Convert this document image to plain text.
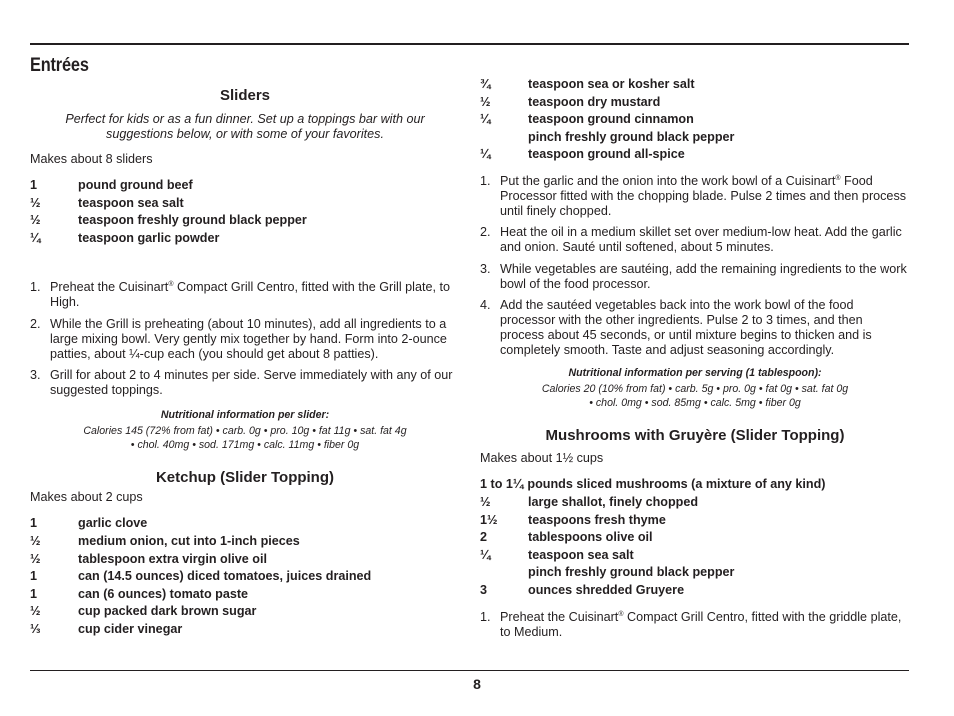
Entrées
Sliders
Perfect for kids or as a fun dinner. Set up a toppings bar with our suggestions below, or with some of your favorites.
Makes about 8 sliders
1	pound ground beef
½	teaspoon sea salt
½	teaspoon freshly ground black pepper
¼	teaspoon garlic powder
1. Preheat the Cuisinart® Compact Grill Centro, fitted with the Grill plate, to High.
2. While the Grill is preheating (about 10 minutes), add all ingredients to a large mixing bowl. Very gently mix together by hand. Form into 2-ounce patties, about ¼-cup each (you should get about 8 patties).
3. Grill for about 2 to 4 minutes per side. Serve immediately with any of our suggested toppings.
Nutritional information per slider:
Calories 145 (72% from fat) • carb. 0g • pro. 10g • fat 11g • sat. fat 4g
• chol. 40mg • sod. 171mg • calc. 11mg • fiber 0g
Ketchup (Slider Topping)
Makes about 2 cups
1	garlic clove
½	medium onion, cut into 1-inch pieces
½	tablespoon extra virgin olive oil
1	can (14.5 ounces) diced tomatoes, juices drained
1	can (6 ounces) tomato paste
½	cup packed dark brown sugar
⅓	cup cider vinegar
¾	teaspoon sea or kosher salt
½	teaspoon dry mustard
¼	teaspoon ground cinnamon
pinch freshly ground black pepper
¼	teaspoon ground all-spice
1. Put the garlic and the onion into the work bowl of a Cuisinart® Food Processor fitted with the chopping blade. Pulse 2 times and then process until finely chopped.
2. Heat the oil in a medium skillet set over medium-low heat. Add the garlic and onion. Sauté until softened, about 5 minutes.
3. While vegetables are sautéing, add the remaining ingredients to the work bowl of the food processor.
4. Add the sautéed vegetables back into the work bowl of the food processor with the other ingredients. Pulse 2 to 3 times, and then process about 45 seconds, or until mixture begins to thicken and is completely smooth. Taste and adjust seasoning accordingly.
Nutritional information per serving (1 tablespoon):
Calories 20 (10% from fat) • carb. 5g • pro. 0g • fat 0g • sat. fat 0g
• chol. 0mg • sod. 85mg • calc. 5mg • fiber 0g
Mushrooms with Gruyère (Slider Topping)
Makes about 1½ cups
1 to 1¼ pounds sliced mushrooms (a mixture of any kind)
½	large shallot, finely chopped
1½	teaspoons fresh thyme
2	tablespoons olive oil
¼	teaspoon sea salt
pinch freshly ground black pepper
3	ounces shredded Gruyere
1. Preheat the Cuisinart® Compact Grill Centro, fitted with the griddle plate, to Medium.
8
